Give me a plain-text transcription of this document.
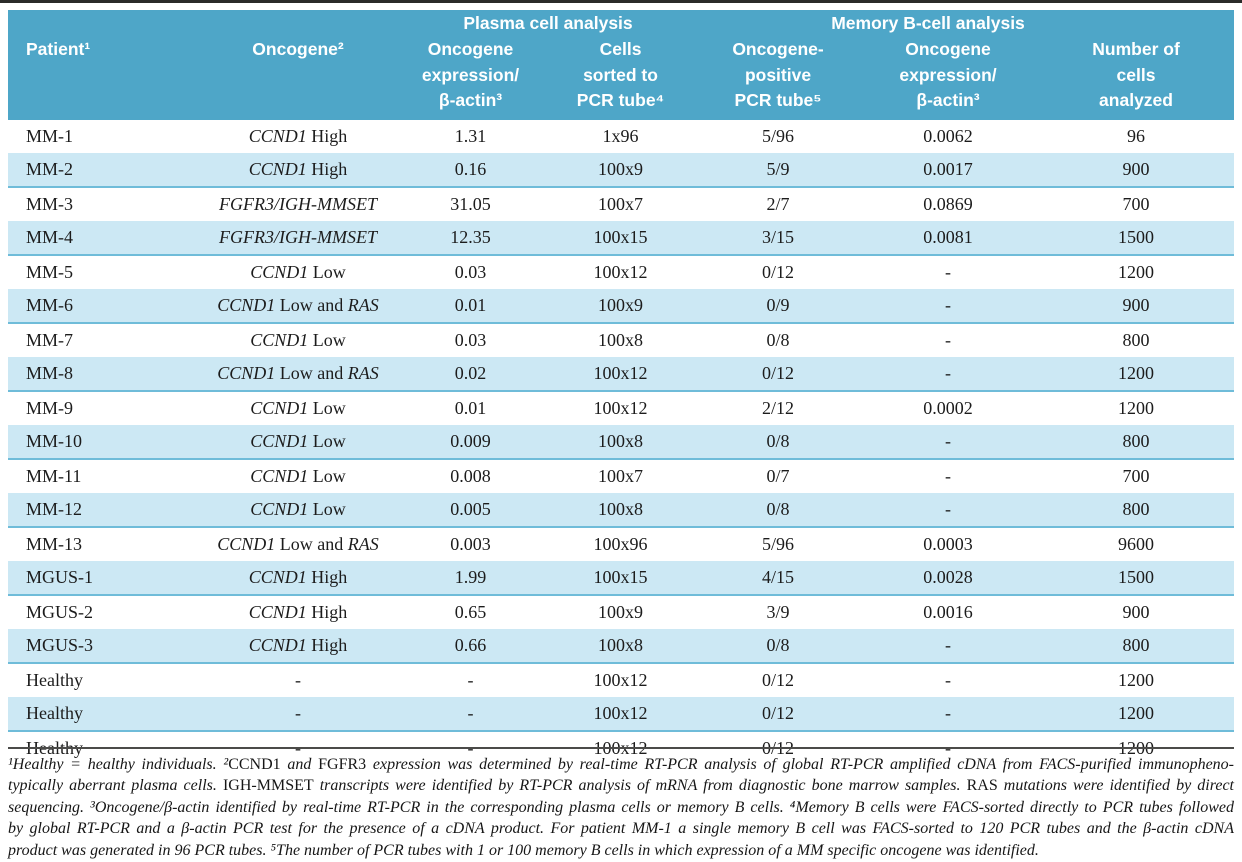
		Plasma cell analysis		Memory B-cell analysis		

Patient¹	Oncogene²	Oncogene
expression/
β-actin³

Cells
sorted to
PCR tube⁴

Oncogene-
positive
PCR tube⁵

Oncogene
expression/
β-actin³

Number of
cells
analyzed

MM-1	CCND1 High	1.31	1x96	5/96	0.0062	96
MM-2	CCND1 High	0.16	100x9	5/9	0.0017	900
MM-3	FGFR3/IGH-MMSET	31.05	100x7	2/7	0.0869	700
MM-4	FGFR3/IGH-MMSET	12.35	100x15	3/15	0.0081	1500
MM-5	CCND1 Low	0.03	100x12	0/12	-	1200
MM-6	CCND1 Low and RAS	0.01	100x9	0/9	-	900
MM-7	CCND1 Low	0.03	100x8	0/8	-	800
MM-8	CCND1 Low and RAS	0.02	100x12	0/12	-	1200
MM-9	CCND1 Low	0.01	100x12	2/12	0.0002	1200
MM-10	CCND1 Low	0.009	100x8	0/8	-	800
MM-11	CCND1 Low	0.008	100x7	0/7	-	700
MM-12	CCND1 Low	0.005	100x8	0/8	-	800
MM-13	CCND1 Low and RAS	0.003	100x96	5/96	0.0003	9600
MGUS-1	CCND1 High	1.99	100x15	4/15	0.0028	1500
MGUS-2	CCND1 High	0.65	100x9	3/9	0.0016	900
MGUS-3	CCND1 High	0.66	100x8	0/8	-	800
Healthy	-	-	100x12	0/12	-	1200
Healthy	-	-	100x12	0/12	-	1200
Healthy	-	-	100x12	0/12	-	1200
¹Healthy = healthy individuals. ²CCND1 and FGFR3 expression was determined by real-time RT-PCR analysis of global RT-PCR amplified cDNA from FACS-purified immunopheno-
typically aberrant plasma cells. IGH-MMSET transcripts were identified by RT-PCR analysis of mRNA from diagnostic bone marrow samples. RAS mutations were identified by direct
sequencing. ³Oncogene/β-actin identified by real-time RT-PCR in the corresponding plasma cells or memory B cells. ⁴Memory B cells were FACS-sorted directly to PCR tubes followed
by global RT-PCR and a β-actin PCR test for the presence of a cDNA product. For patient MM-1 a single memory B cell was FACS-sorted to 120 PCR tubes and the β-actin cDNA
product was generated in 96 PCR tubes. ⁵The number of PCR tubes with 1 or 100 memory B cells in which expression of a MM specific oncogene was identified.
